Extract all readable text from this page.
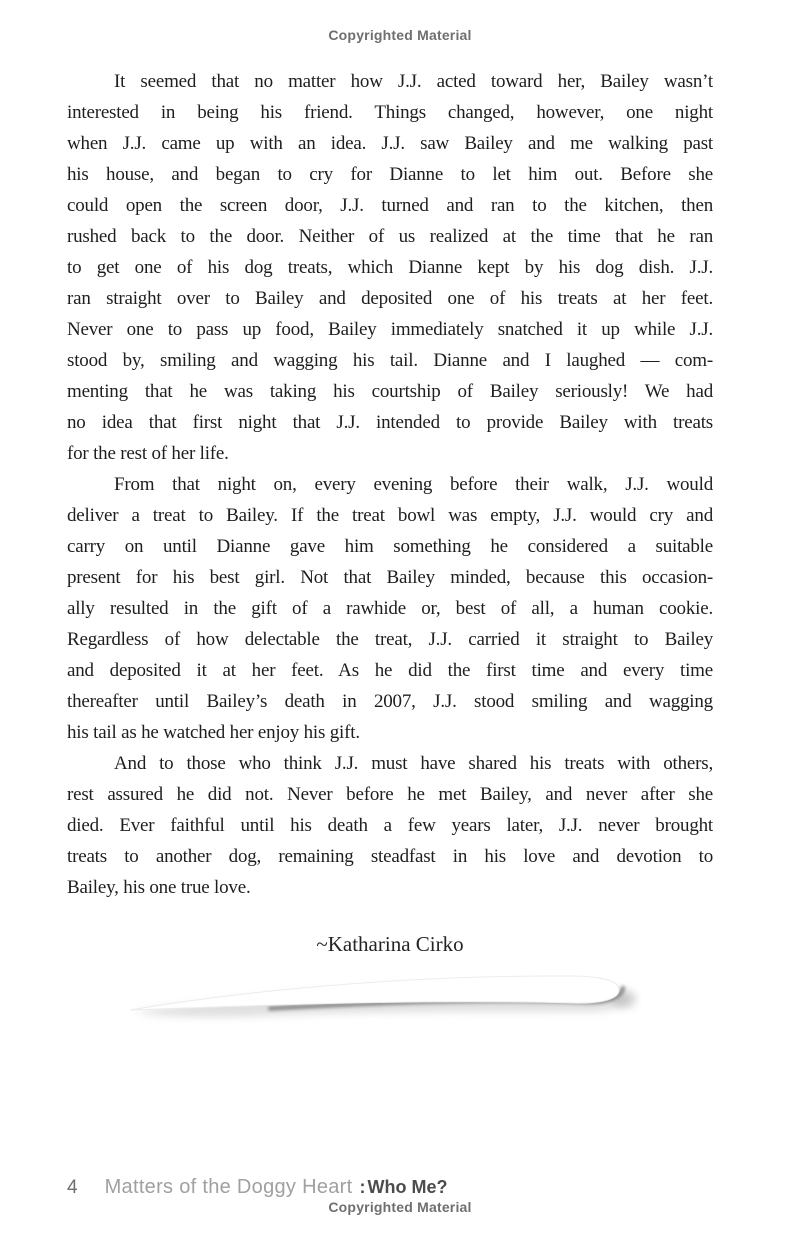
Copyrighted Material
It seemed that no matter how J.J. acted toward her, Bailey wasn’t
interested in being his friend. Things changed, however, one night
when J.J. came up with an idea. J.J. saw Bailey and me walking past
his house, and began to cry for Dianne to let him out. Before she
could open the screen door, J.J. turned and ran to the kitchen, then
rushed back to the door. Neither of us realized at the time that he ran
to get one of his dog treats, which Dianne kept by his dog dish. J.J.
ran straight over to Bailey and deposited one of his treats at her feet.
Never one to pass up food, Bailey immediately snatched it up while J.J.
stood by, smiling and wagging his tail. Dianne and I laughed — com-
menting that he was taking his courtship of Bailey seriously! We had
no idea that first night that J.J. intended to provide Bailey with treats
for the rest of her life.
From that night on, every evening before their walk, J.J. would
deliver a treat to Bailey. If the treat bowl was empty, J.J. would cry and
carry on until Dianne gave him something he considered a suitable
present for his best girl. Not that Bailey minded, because this occasion-
ally resulted in the gift of a rawhide or, best of all, a human cookie.
Regardless of how delectable the treat, J.J. carried it straight to Bailey
and deposited it at her feet. As he did the first time and every time
thereafter until Bailey’s death in 2007, J.J. stood smiling and wagging
his tail as he watched her enjoy his gift.
And to those who think J.J. must have shared his treats with others,
rest assured he did not. Never before he met Bailey, and never after she
died. Ever faithful until his death a few years later, J.J. never brought
treats to another dog, remaining steadfast in his love and devotion to
Bailey, his one true love.
~Katharina Cirko
4 Matters of the Doggy Heart : Who Me?
Copyrighted Material
